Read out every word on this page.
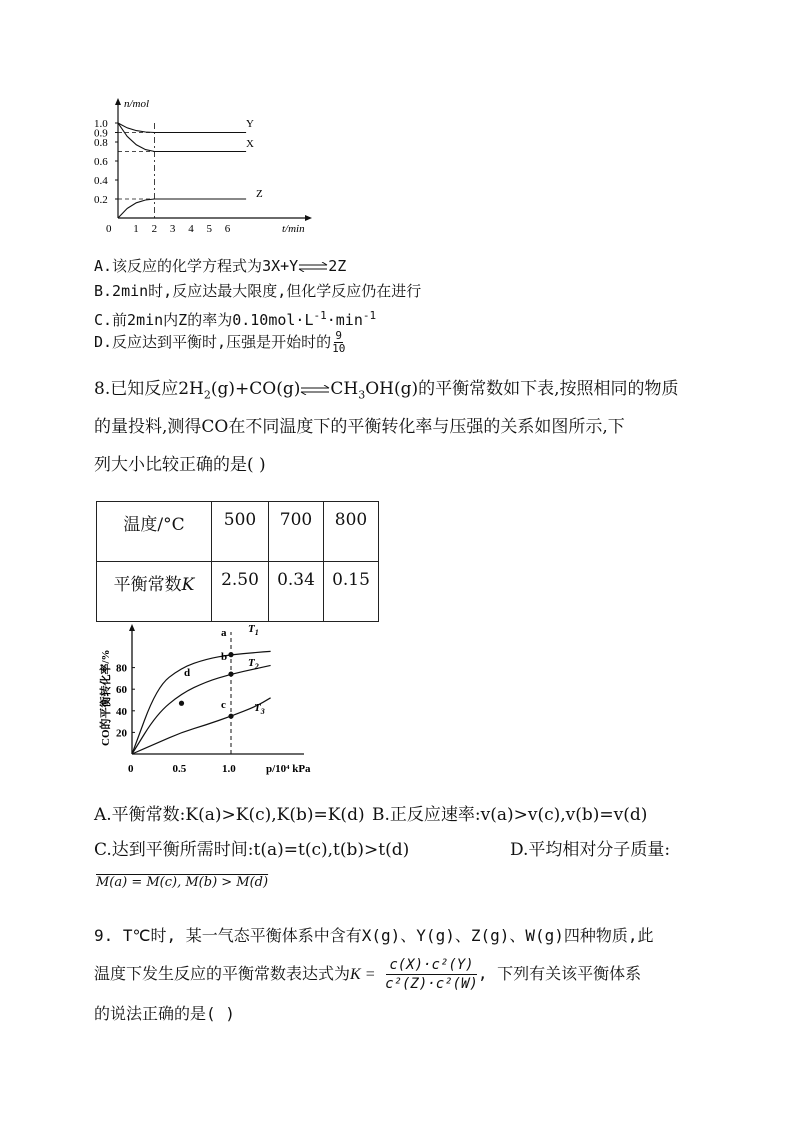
n/mol
t/min
1.0
0.9
0.8
0.6
0.4
0.2
0 1 2 3 4 5 6
Y
X
Z
A.该反应的化学方程式为3X+Y⇌2Z
B.2min时,反应达最大限度,但化学反应仍在进行
C.前2min内Z的率为$0.10mol\cdot L^{-1}\cdot\min^{-1}$
D.反应达到平衡时,压强是开始时的 $\frac{9}{10}$
8.已知反应$2H_2(g)+CO(g)\rightleftharpoons CH_3OH(g)$的平衡常数如下表,按照相同的物质
的量投料,测得CO在不同温度下的平衡转化率与压强的关系如图所示,下
列大小比较正确的是( )
温度/°C	500	700	800
平衡常数K	2.50	0.34	0.15
CO的平衡转化率/%
p/10⁴ kPa
80
60
40
20
0	0.5	1.0
$T_1$
$T_2$
$T_3$
a
b
c
d
A.平衡常数:K(a)>K(c),K(b)=K(d) B.正反应速率:v(a)>v(c),v(b)=v(d)
C.达到平衡所需时间:t(a)=t(c),t(b)>t(d)	D.平均相对分子质量:
M(a) = M(c), M(b) > M(d)
9. T℃时, 某一气态平衡体系中含有X(g)、Y(g)、Z(g)、W(g)四种物质,此
温度下发生反应的平衡常数表达式为$K = \frac{\text{c(X)·c²(Y)}}{\text{c²(Z)·c²(W)}}$ , 下列有关该平衡体系
的说法正确的是( )
